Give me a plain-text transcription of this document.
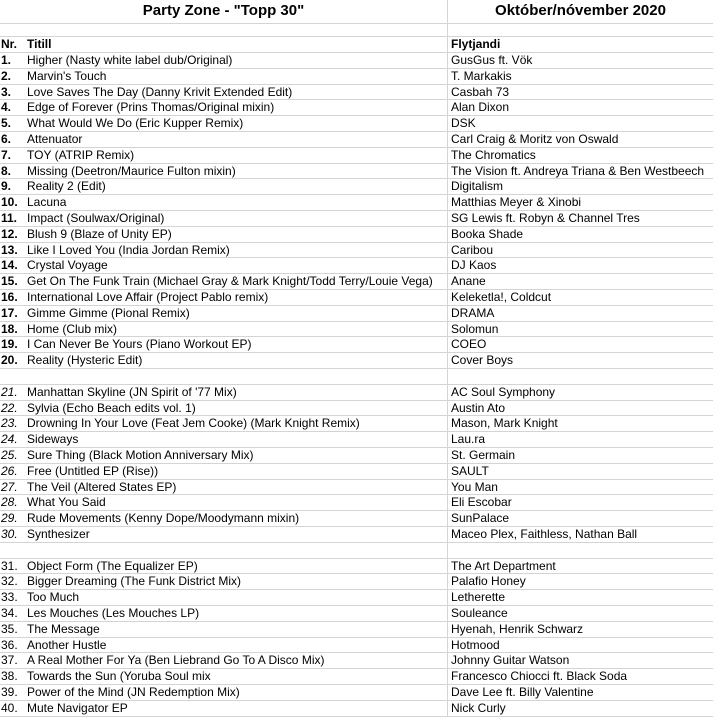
Party Zone - "Topp 30"	Október/nóvember 2020
Nr. Titill	Flytjandi
1.	Higher (Nasty white label dub/Original)	GusGus ft. Vök
2.	Marvin's Touch	T. Markakis
3.	Love Saves The Day (Danny Krivit Extended Edit)	Casbah 73
4.	Edge of Forever (Prins Thomas/Original mixin)	Alan Dixon
5.	What Would We Do (Eric Kupper Remix)	DSK
6.	Attenuator	Carl Craig & Moritz von Oswald
7.	TOY (ATRIP Remix)	The Chromatics
8.	Missing (Deetron/Maurice Fulton mixin)	The Vision ft. Andreya Triana & Ben Westbeech
9.	Reality 2 (Edit)	Digitalism
10. Lacuna	Matthias Meyer & Xinobi
11. Impact (Soulwax/Original)	SG Lewis ft. Robyn & Channel Tres
12. Blush 9 (Blaze of Unity EP)	Booka Shade
13. Like I Loved You (India Jordan Remix)	Caribou
14. Crystal Voyage	DJ Kaos
15. Get On The Funk Train (Michael Gray & Mark Knight/Todd Terry/Louie Vega)	Anane
16. International Love Affair (Project Pablo remix)	Keleketla!, Coldcut
17. Gimme Gimme (Pional Remix)	DRAMA
18. Home (Club mix)	Solomun
19. I Can Never Be Yours (Piano Workout EP)	COEO
20. Reality (Hysteric Edit)	Cover Boys
21. Manhattan Skyline (JN Spirit of '77 Mix)	AC Soul Symphony
22. Sylvia (Echo Beach edits vol. 1)	Austin Ato
23. Drowning In Your Love (Feat Jem Cooke) (Mark Knight Remix)	Mason, Mark Knight
24. Sideways	Lau.ra
25. Sure Thing (Black Motion Anniversary Mix)	St. Germain
26. Free (Untitled EP (Rise))	SAULT
27. The Veil (Altered States EP)	You Man
28. What You Said	Eli Escobar
29. Rude Movements (Kenny Dope/Moodymann mixin)	SunPalace
30. Synthesizer	Maceo Plex, Faithless, Nathan Ball
31. Object Form (The Equalizer EP)	The Art Department
32. Bigger Dreaming (The Funk District Mix)	Palafio Honey
33. Too Much	Letherette
34. Les Mouches (Les Mouches LP)	Souleance
35. The Message	Hyenah, Henrik Schwarz
36. Another Hustle	Hotmood
37. A Real Mother For Ya (Ben Liebrand Go To A Disco Mix)	Johnny Guitar Watson
38. Towards the Sun (Yoruba Soul mix	Francesco Chiocci ft. Black Soda
39. Power of the Mind (JN Redemption Mix)	Dave Lee ft. Billy Valentine
40. Mute Navigator EP	Nick Curly
